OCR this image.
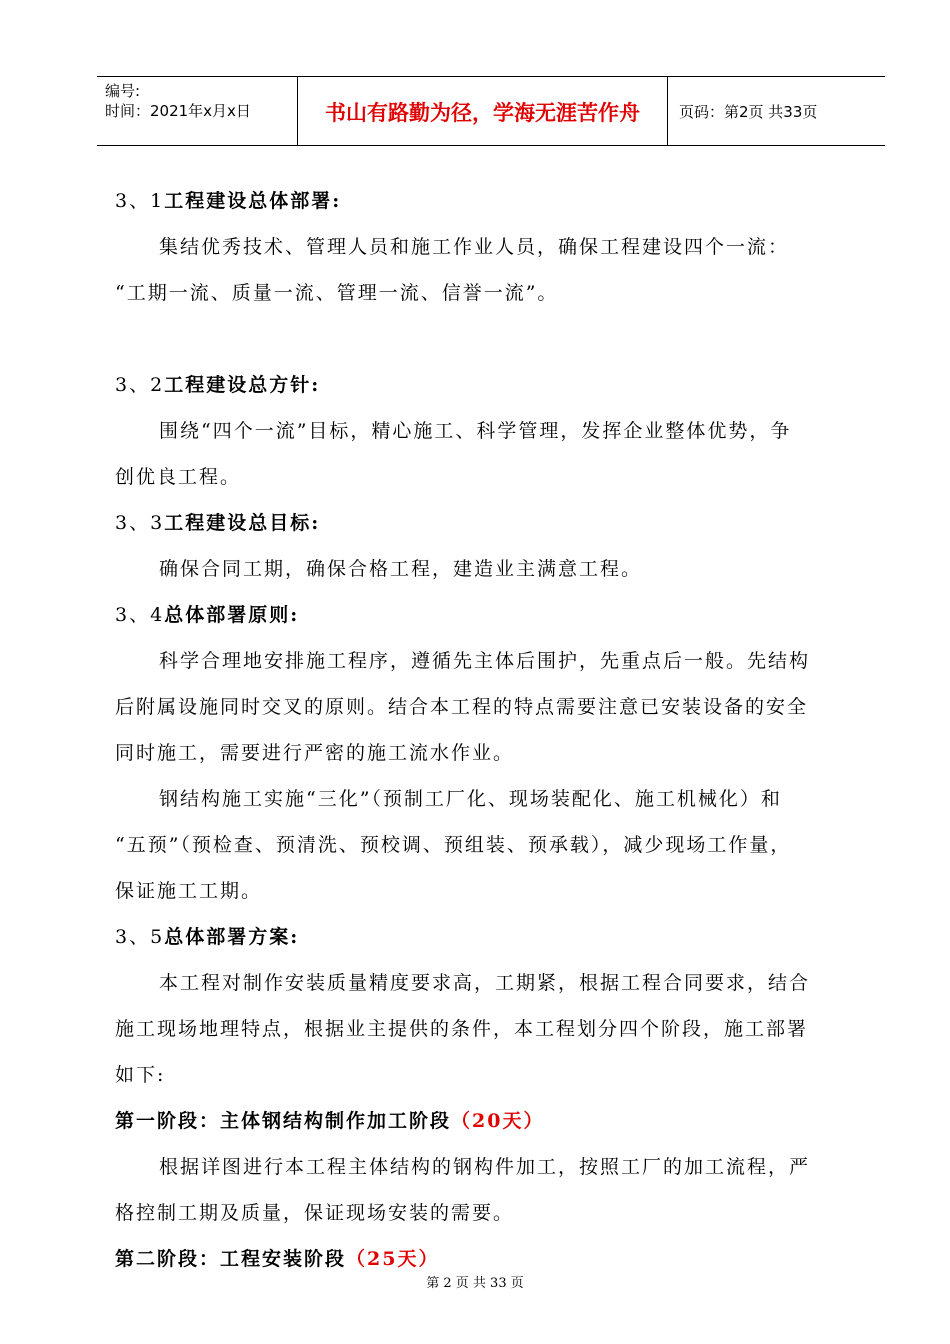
编号:
时间：2021年x月x日	书山有路勤为径，学海无涯苦作舟	页码：第2页 共33页
3、1工程建设总体部署:
集结优秀技术、管理人员和施工作业人员，确保工程建设四个一流：
“工期一流、质量一流、管理一流、信誉一流”。
3、2工程建设总方针:
围绕“四个一流”目标，精心施工、科学管理，发挥企业整体优势，争
创优良工程。
3、3工程建设总目标:
确保合同工期，确保合格工程，建造业主满意工程。
3、4总体部署原则:
科学合理地安排施工程序，遵循先主体后围护，先重点后一般。先结构
后附属设施同时交叉的原则。结合本工程的特点需要注意已安装设备的安全
同时施工，需要进行严密的施工流水作业。
钢结构施工实施“三化”（预制工厂化、现场装配化、施工机械化）和
“五预”（预检查、预清洗、预校调、预组装、预承载），减少现场工作量，
保证施工工期。
3、5总体部署方案:
本工程对制作安装质量精度要求高，工期紧，根据工程合同要求，结合
施工现场地理特点，根据业主提供的条件，本工程划分四个阶段，施工部署
如下:
第一阶段：主体钢结构制作加工阶段（20天）
根据详图进行本工程主体结构的钢构件加工，按照工厂的加工流程，严
格控制工期及质量，保证现场安装的需要。
第二阶段：工程安装阶段（25天）
第 2 页 共 33 页
